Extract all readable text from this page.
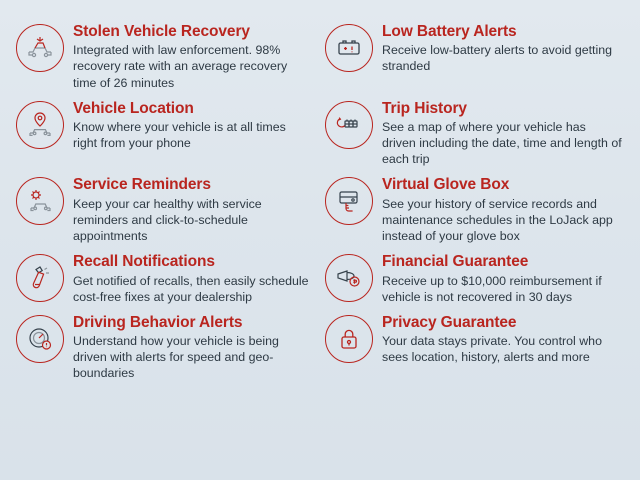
Stolen Vehicle Recovery

Integrated with law enforcement. 98% recovery rate with an average recovery time of 26 minutes

Low Battery Alerts

Receive low-battery alerts to avoid getting stranded

Vehicle Location

Know where your vehicle is at all times right from your phone

Trip History

See a map of where your vehicle has driven including the date, time and length of each trip

Service Reminders

Keep your car healthy with service reminders and click-to-schedule appointments

Virtual Glove Box

See your history of service records and maintenance schedules in the LoJack app instead of your glove box

Recall Notifications

Get notified of recalls, then easily schedule cost-free fixes at your dealership

Financial Guarantee

Receive up to $10,000 reimbursement if vehicle is not recovered in 30 days

Driving Behavior Alerts

Understand how your vehicle is being driven with alerts for speed and geo-boundaries

Privacy Guarantee

Your data stays private. You control who sees location, history, alerts and more
